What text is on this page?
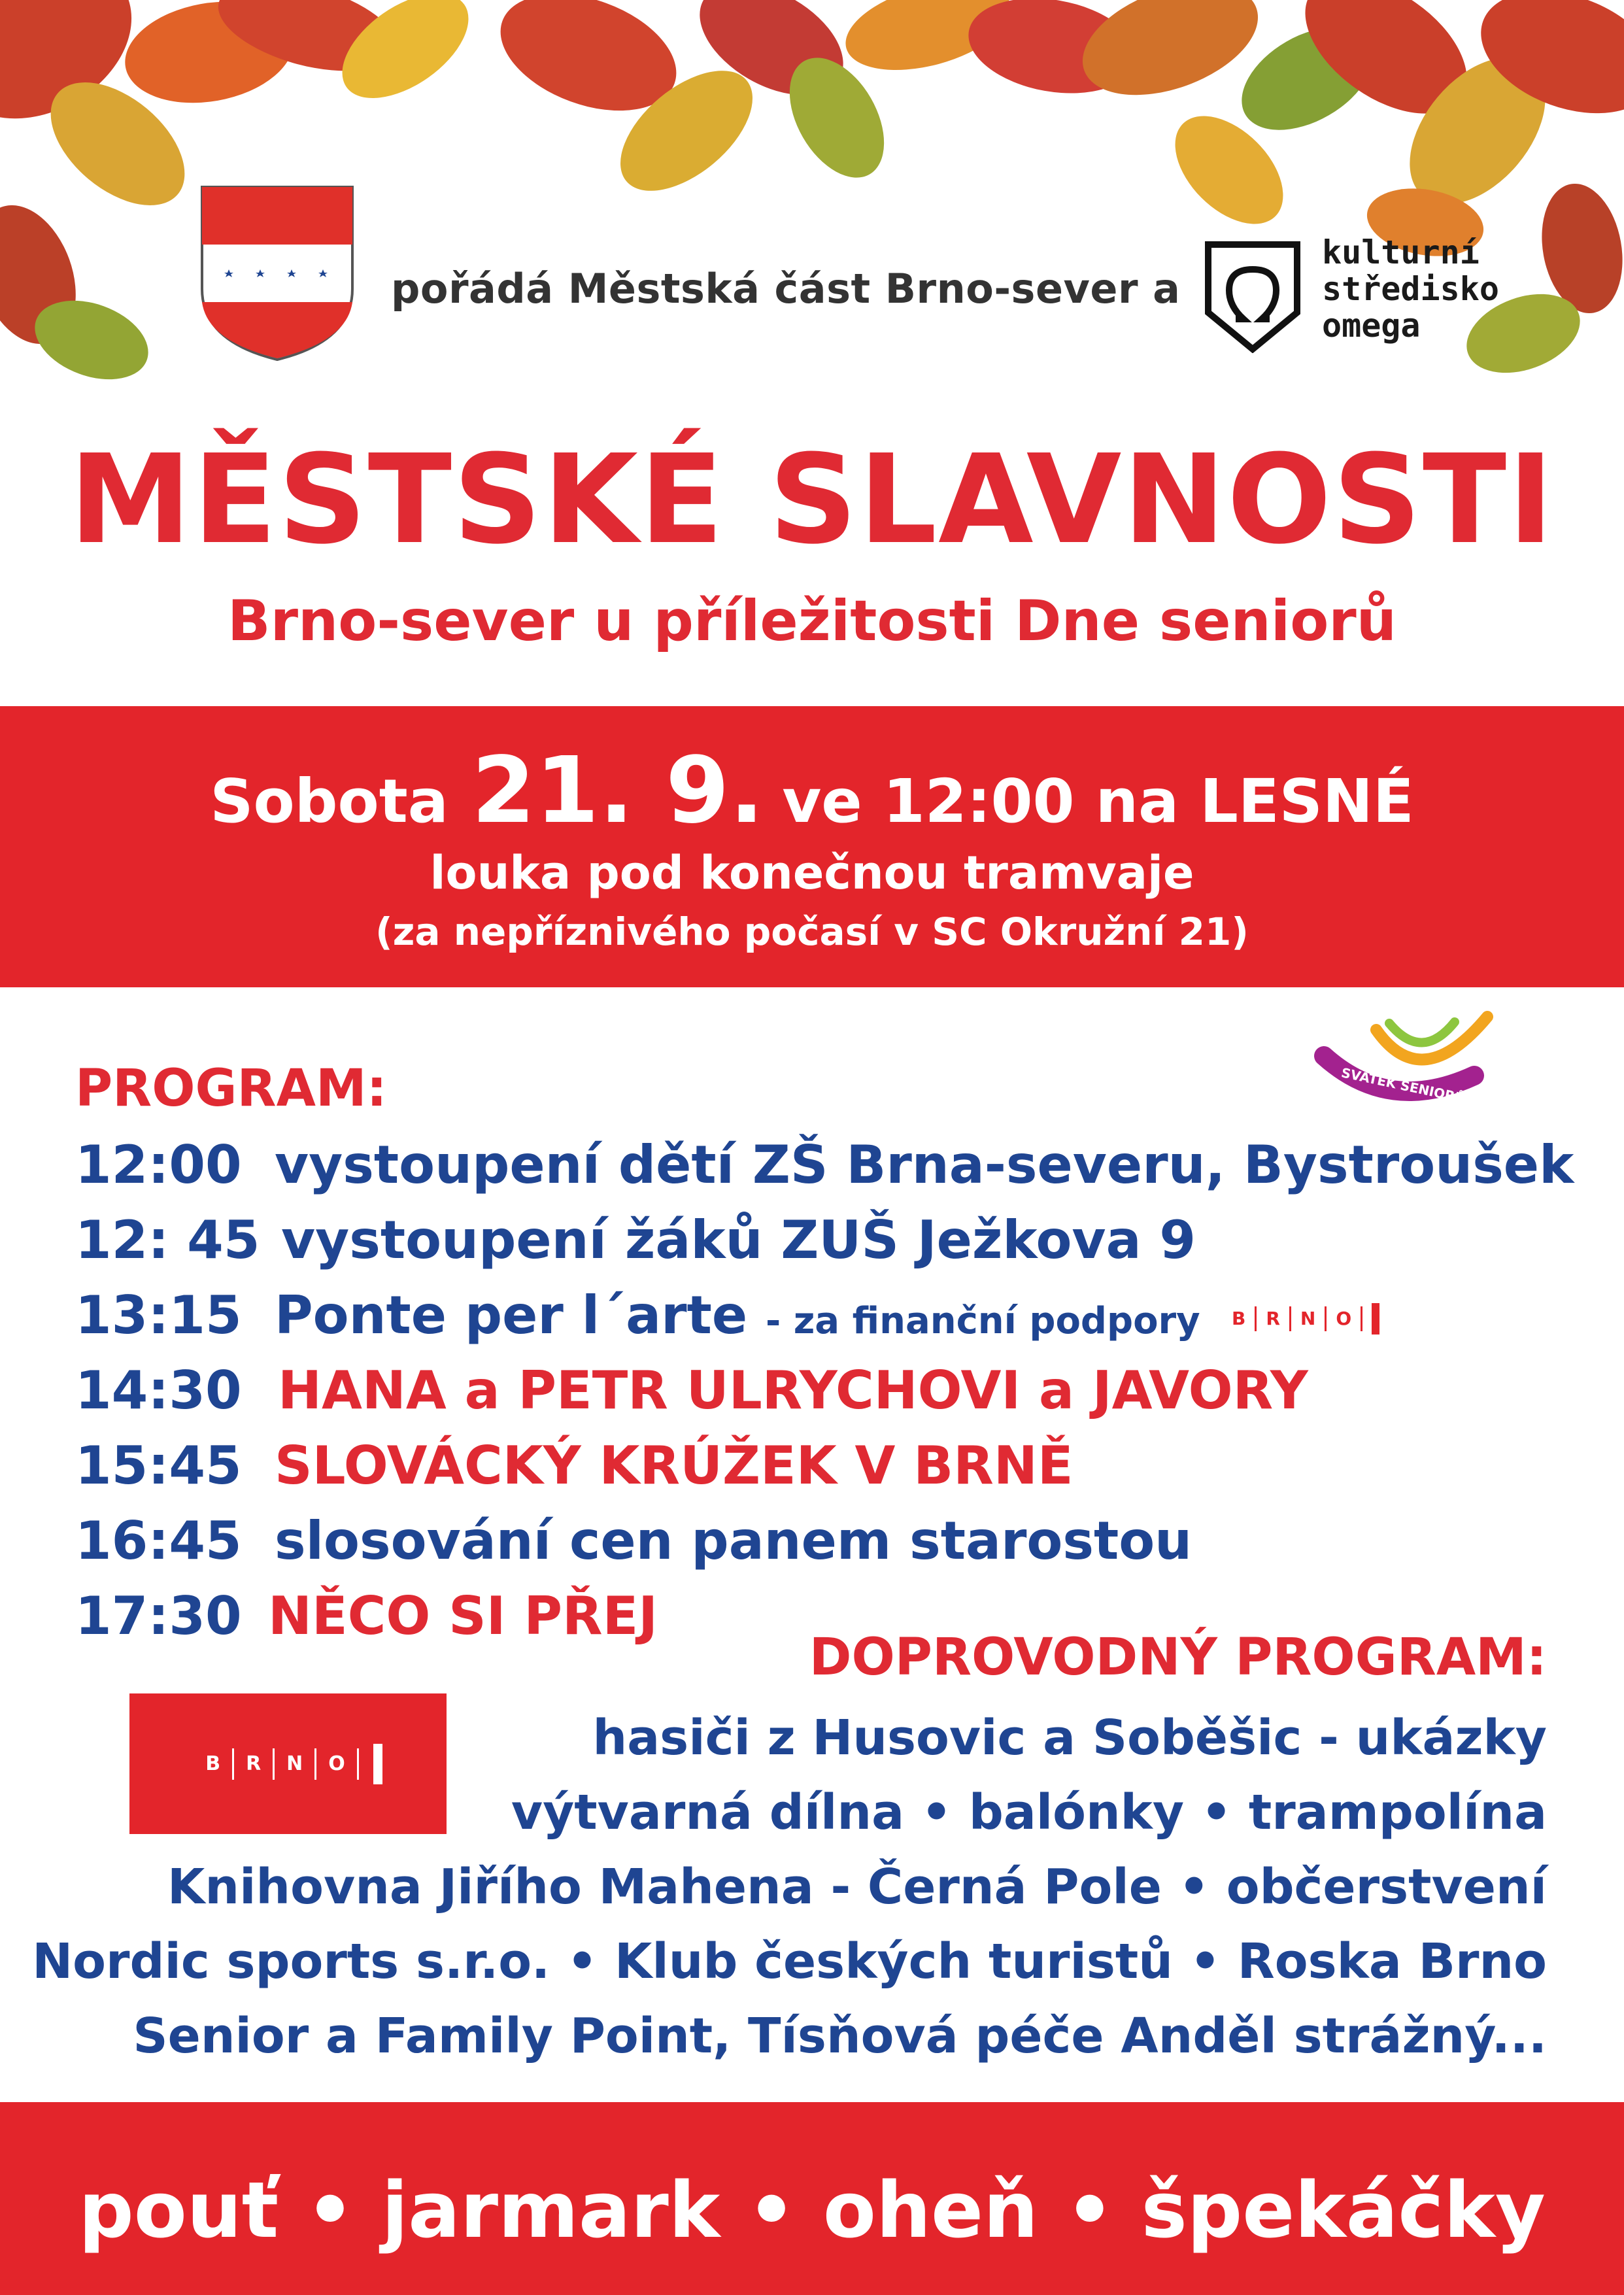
pořádá Městská část Brno-sever a
kulturní
středisko
omega
MĚSTSKÉ SLAVNOSTI
Brno-sever u příležitosti Dne seniorů
Sobota 21. 9. ve 12:00 na LESNÉ
louka pod konečnou tramvaje
(za nepříznivého počasí v SC Okružní 21)
PROGRAM:	SVÁTEK SENIORŮ
12:00 vystoupení dětí ZŠ Brna-severu, Bystroušek
12: 45 vystoupení žáků ZUŠ Ježkova 9
13:15 Ponte per l´arte - za finanční podpory	B	R	N	O
14:30 HANA a PETR ULRYCHOVI a JAVORY
15:45 SLOVÁCKÝ KRÚŽEK V BRNĚ
16:45 slosování cen panem starostou
17:30 NĚCO SI PŘEJ
B	R	N	O
DOPROVODNÝ PROGRAM:
hasiči z Husovic a Soběšic - ukázky
výtvarná dílna • balónky • trampolína
Knihovna Jiřího Mahena - Černá Pole • občerstvení
Nordic sports s.r.o. • Klub českých turistů • Roska Brno
Senior a Family Point, Tísňová péče Anděl strážný...
pouť • jarmark • oheň • špekáčky
